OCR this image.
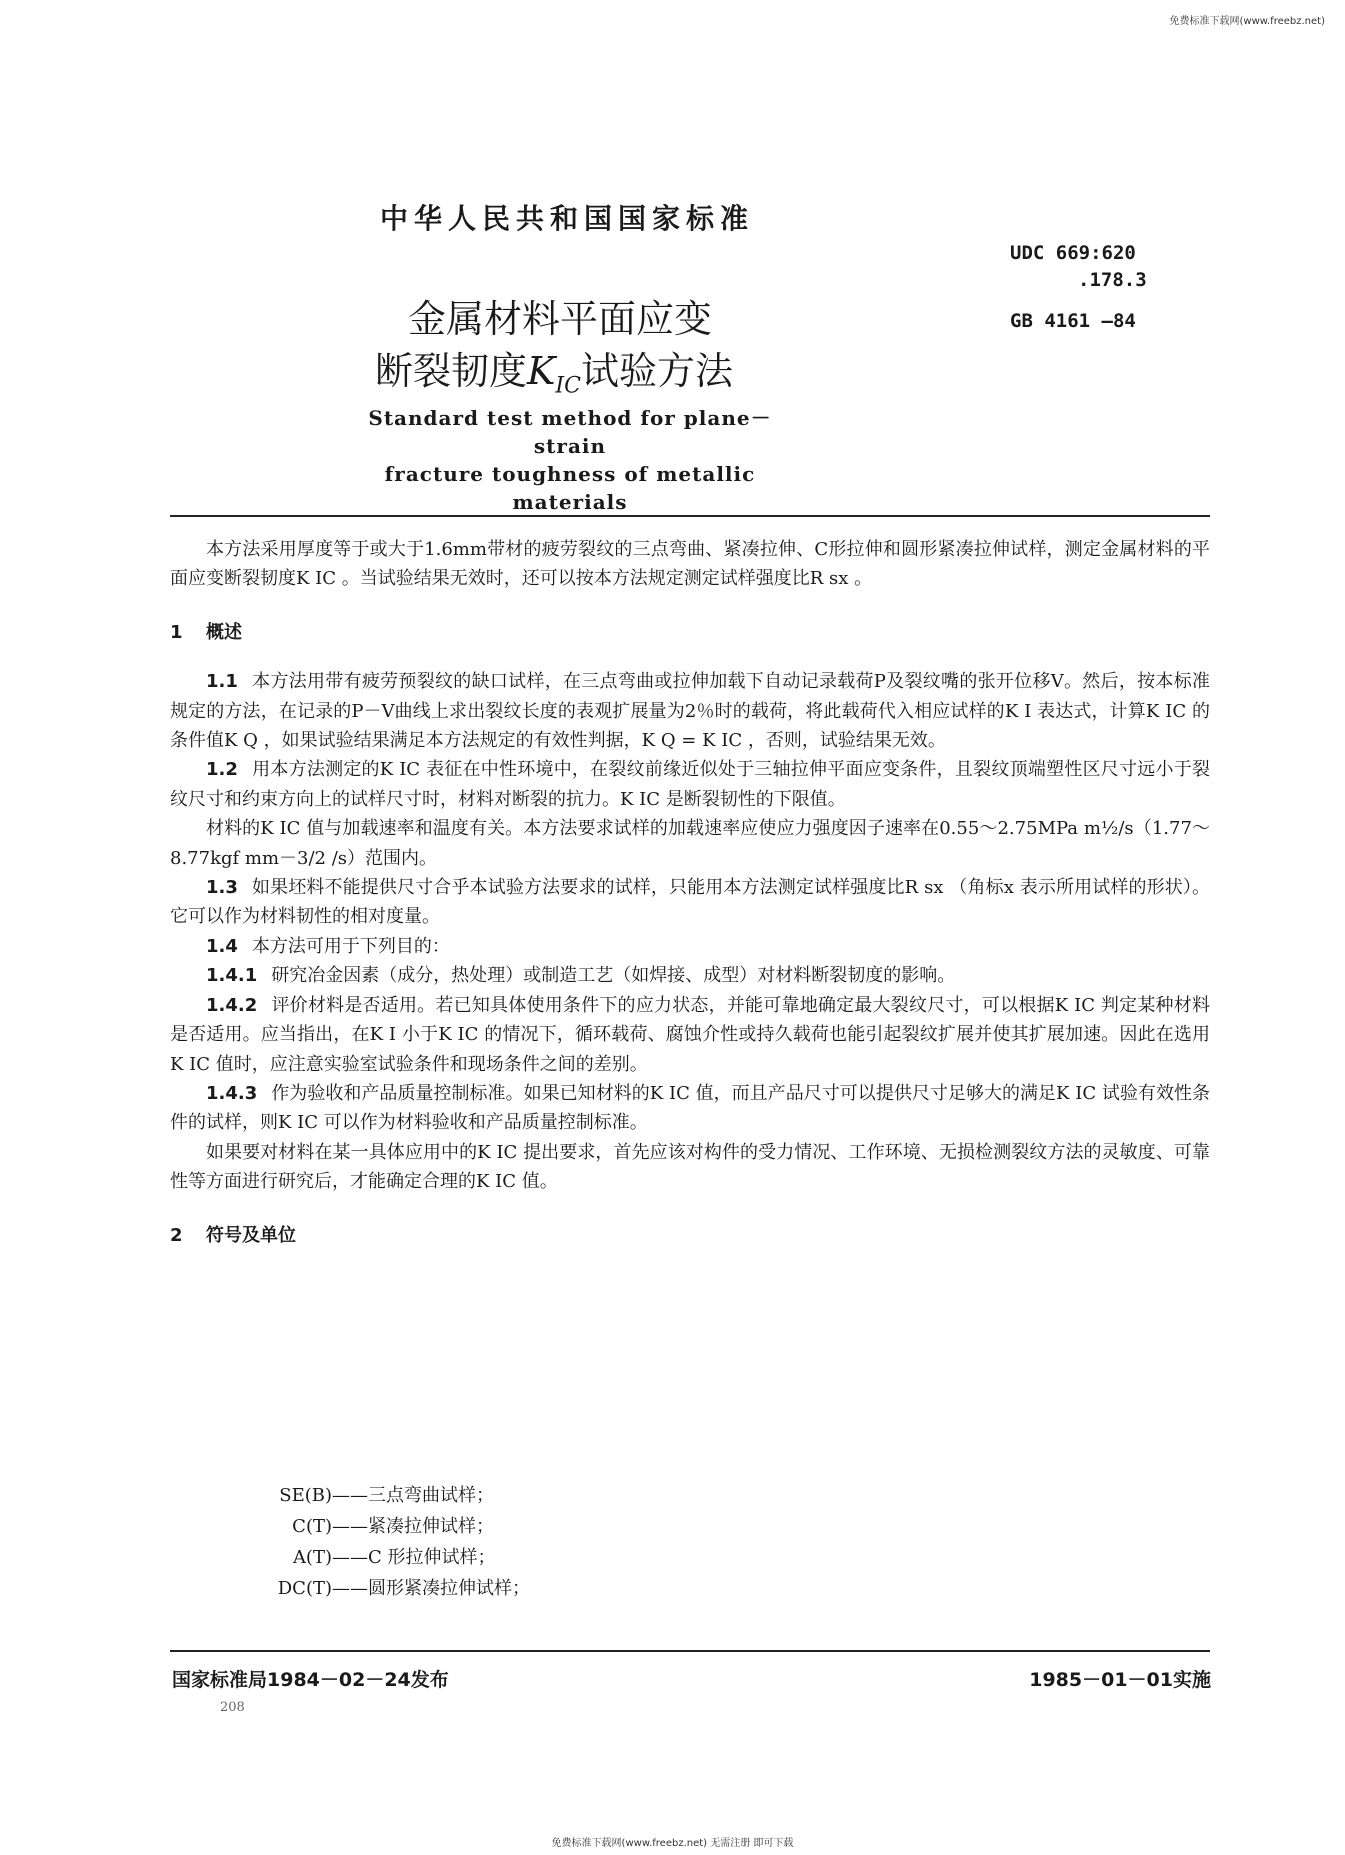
免费标准下载网(www.freebz.net)
中华人民共和国国家标准
UDC 669:620
.178.3
GB 4161 —84
金属材料平面应变
断裂韧度$K_{IC}$试验方法
Standard test method for plane－strain
fracture toughness of metallic materials

本方法采用厚度等于或大于1.6mm带材的疲劳裂纹的三点弯曲、紧凑拉伸、C形拉伸和圆形紧凑拉伸试样，测定金属材料的平面应变断裂韧度K IC 。当试验结果无效时，还可以按本方法规定测定试样强度比R sx 。

1 概述

1.1 本方法用带有疲劳预裂纹的缺口试样，在三点弯曲或拉伸加载下自动记录载荷P及裂纹嘴的张开位移V。然后，按本标准规定的方法，在记录的P－V曲线上求出裂纹长度的表观扩展量为2％时的载荷，将此载荷代入相应试样的K I 表达式，计算K IC 的条件值K Q ，如果试验结果满足本方法规定的有效性判据，K Q = K IC ，否则，试验结果无效。

1.2 用本方法测定的K IC 表征在中性环境中，在裂纹前缘近似处于三轴拉伸平面应变条件，且裂纹顶端塑性区尺寸远小于裂纹尺寸和约束方向上的试样尺寸时，材料对断裂的抗力。K IC 是断裂韧性的下限值。

材料的K IC 值与加载速率和温度有关。本方法要求试样的加载速率应使应力强度因子速率在0.55～2.75MPa m½/s（1.77～8.77kgf mm－3/2 /s）范围内。

1.3 如果坯料不能提供尺寸合乎本试验方法要求的试样，只能用本方法测定试样强度比R sx （角标x 表示所用试样的形状）。它可以作为材料韧性的相对度量。

1.4 本方法可用于下列目的：

1.4.1 研究冶金因素（成分，热处理）或制造工艺（如焊接、成型）对材料断裂韧度的影响。

1.4.2 评价材料是否适用。若已知具体使用条件下的应力状态，并能可靠地确定最大裂纹尺寸，可以根据K IC 判定某种材料是否适用。应当指出，在K I 小于K IC 的情况下，循环载荷、腐蚀介性或持久载荷也能引起裂纹扩展并使其扩展加速。因此在选用K IC 值时，应注意实验室试验条件和现场条件之间的差别。

1.4.3 作为验收和产品质量控制标准。如果已知材料的K IC 值，而且产品尺寸可以提供尺寸足够大的满足K IC 试验有效性条件的试样，则K IC 可以作为材料验收和产品质量控制标准。

如果要对材料在某一具体应用中的K IC 提出要求，首先应该对构件的受力情况、工作环境、无损检测裂纹方法的灵敏度、可靠性等方面进行研究后，才能确定合理的K IC 值。

2 符号及单位
SE(B)——三点弯曲试样；
C(T)——紧凑拉伸试样；
A(T)——C 形拉伸试样；
DC(T)——圆形紧凑拉伸试样；
国家标准局1984－02－24发布	1985－01－01实施
208
免费标准下载网(www.freebz.net) 无需注册 即可下载
